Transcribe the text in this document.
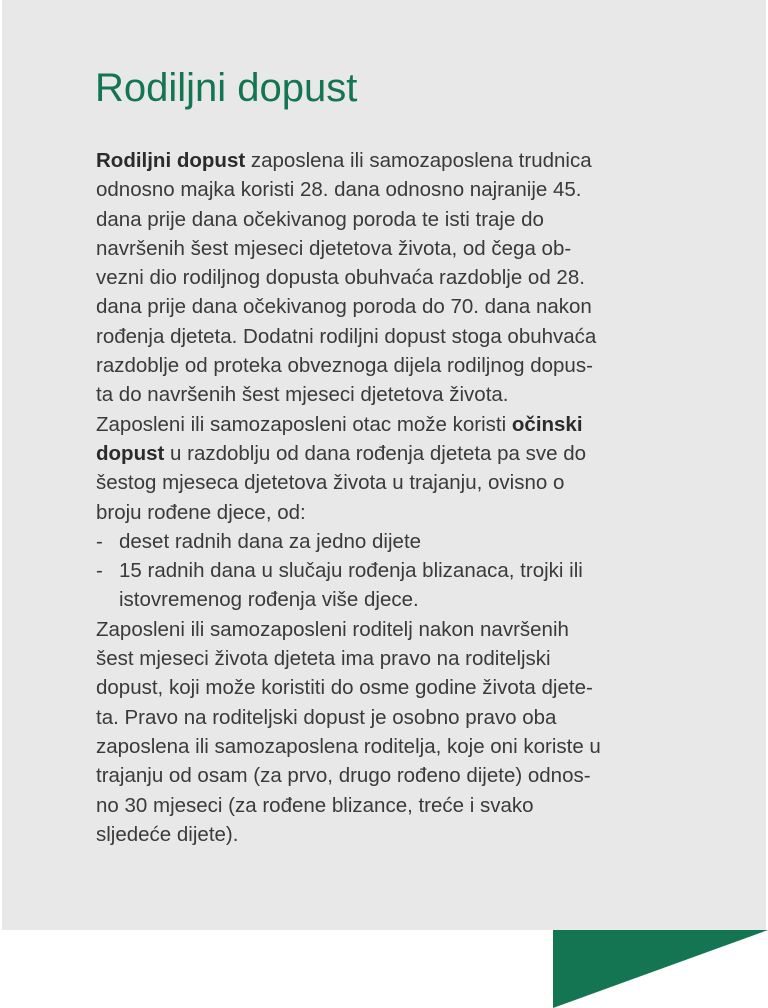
Rodiljni dopust
Rodiljni dopust zaposlena ili samozaposlena trudnica
odnosno majka koristi 28. dana odnosno najranije 45.
dana prije dana očekivanog poroda te isti traje do
navršenih šest mjeseci djetetova života, od čega ob-
vezni dio rodiljnog dopusta obuhvaća razdoblje od 28.
dana prije dana očekivanog poroda do 70. dana nakon
rođenja djeteta. Dodatni rodiljni dopust stoga obuhvaća
razdoblje od proteka obveznoga dijela rodiljnog dopus-
ta do navršenih šest mjeseci djetetova života.
Zaposleni ili samozaposleni otac može koristi očinski
dopust u razdoblju od dana rođenja djeteta pa sve do
šestog mjeseca djetetova života u trajanju, ovisno o
broju rođene djece, od:
- deset radnih dana za jedno dijete
- 15 radnih dana u slučaju rođenja blizanaca, trojki ili
istovremenog rođenja više djece.
Zaposleni ili samozaposleni roditelj nakon navršenih
šest mjeseci života djeteta ima pravo na roditeljski
dopust, koji može koristiti do osme godine života djete-
ta. Pravo na roditeljski dopust je osobno pravo oba
zaposlena ili samozaposlena roditelja, koje oni koriste u
trajanju od osam (za prvo, drugo rođeno dijete) odnos-
no 30 mjeseci (za rođene blizance, treće i svako
sljedeće dijete).
